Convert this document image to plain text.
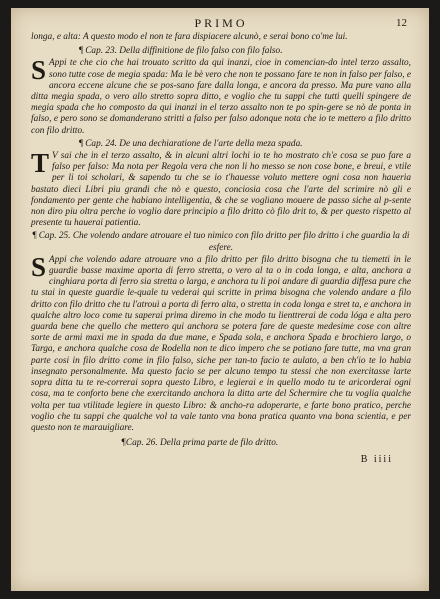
PRIMO	12

longa, e alta: A questo modo el non te fara dispiacere alcunò, e serai bono co'me lui.

¶ Cap. 23. Della diffinitione de filo falso con filo falso.

S Appi te che cio che hai trouato scritto da qui inanzi, cioe in comencian-do intel terzo assalto, sono tutte cose de megia spada: Ma le bè vero che non te possano fare te non in falso per falso, e ancora eccene alcune che se pos-sano fare dalla longa, e ancora da presso. Ma pure vano alla ditta megia spada, o vero allo stretto sopra ditto, e voglio che tu sappi che tutti quelli spingere de megia spada che ho composto da qui inanzi in el terzo assalto non te po spin-gere se nò de ponta in falso, e pero sono se domanderano stritti a falso per falso adonque nota che io te mettero a filo dritto con filo dritto.

¶ Cap. 24. De una dechiaratione de l'arte della meza spada.

T V sai che in el terzo assalto, & in alcuni altri lochi io te ho mostrato ch'e cosa se puo fare a falso per falso: Ma nota per Regola vera che non li ho messo se non cose bone, e breui, e vtile per li toi scholari, & sapendo tu che se io t'hauesse voluto mettere ogni cosa non haueria bastato dieci Libri piu grandi che nò e questo, conciosia cosa che l'arte del scrimire nò gli e fondamento per gente che habiano intelligentia, & che se vogliano mouere de passo siche al p-sente non diro piu oltra perche io voglio dare principio a filo dritto cò filo drit to, & per questo rispetto al presente tu hauerai patientia.

¶ Cap. 25. Che volendo andare atrouare el tuo nimico con filo dritto per filo dritto i che guardia la di esfere.

S Appi che volendo adare atrouare vno a filo dritto per filo dritto bisogna che tu tiemetti in le guardie basse maxime aporta di ferro stretta, o vero al ta o in coda longa, e alta, anchora a cinghiara porta di ferro sia stretta o larga, e anchora tu li poi andare di guardia diffesa pure che tu stai in queste guardie le-quale tu vederai qui scritte in prima bisogna che volendo andare a filo dritto con filo dritto che tu l'atrouì a porta di ferro alta, o stretta in coda longa e stret ta, e anchora in qualche altro loco come tu saperai prima diremo in che modo tu lienttrerai de coda lóga e alta pero guarda bene che quello che mettero qui anchora se potera fare de queste medesime cose con altre sorte de armi maxi me in spada da due mane, e Spada sola, e anchora Spada e brochiero largo, o Targa, e anchora qualche cosa de Rodella non te dico impero che se potiano fare tutte, ma vna gran parte cosi in filo dritto come in filo falso, siche per tan-to facio te aulato, a ben ch'io te lo habia insegnato personalmente. Ma questo facio se per alcuno tempo tu stessi che non exercitasse larte sopra ditta tu te re-correrai sopra questo Libro, e legierai e in quello modo tu te aricorderai ogni cosa, ma te conforto bene che exercitando anchora la ditta arte del Schermire che tu voglia qualche volta per tua vtilitade legiere in questo Libro: & ancho-ra adoperarte, e farte bono pratico, perche voglio che tu sappi che qualche vol ta vale tanto vna bona pratica quanto vna bona scientia, e per questo non te marauigliare.

¶Cap. 26. Della prima parte de filo dritto.
B iiii
